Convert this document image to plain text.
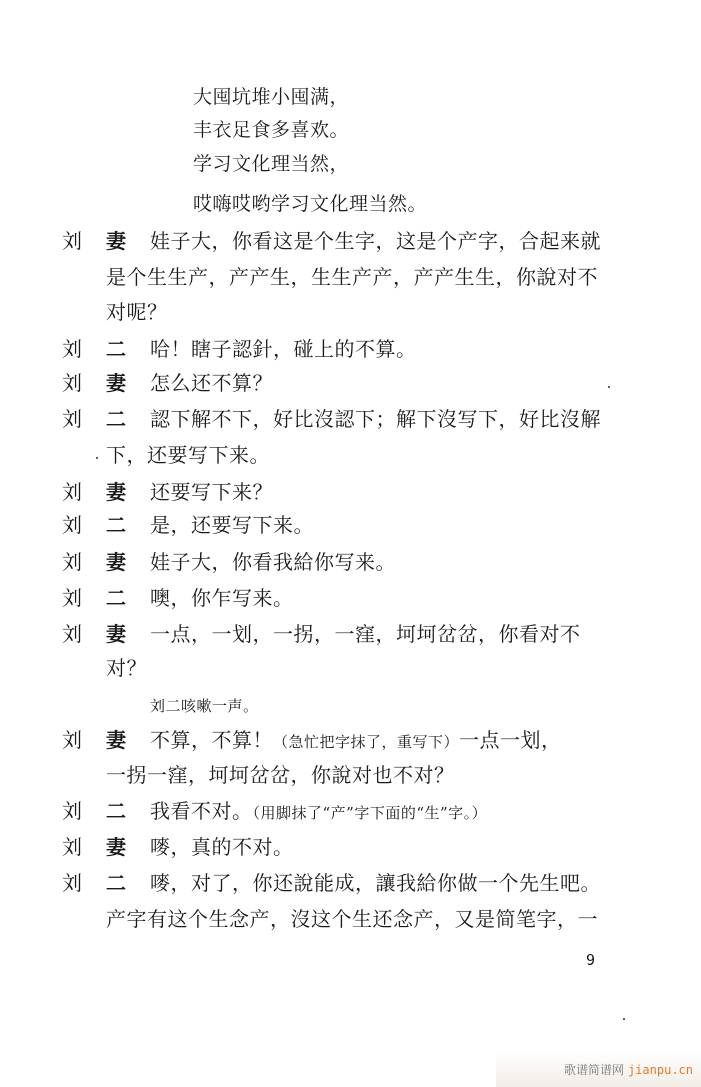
大囤坑堆小囤满，
丰衣足食多喜欢。
学习文化理当然，
哎嗨哎哟学习文化理当然。
刘 妻 娃子大，你看这是个生字，这是个产字，合起来就
是个生生产，产产生，生生产产，产产生生，你說对不
对呢？
刘 二 哈！瞎子認針，碰上的不算。
刘 妻 怎么还不算？
刘 二 認下解不下，好比沒認下；解下沒写下，好比沒解
下，还要写下来。
刘 妻 还要写下来？
刘 二 是，还要写下来。
刘 妻 娃子大，你看我給你写来。
刘 二 噢，你乍写来。
刘 妻 一点，一划，一拐，一窪，坷坷岔岔，你看对不
对？
刘二咳嗽一声。
刘 妻 不算，不算！（急忙把字抹了，重写下）一点一划，
一拐一窪，坷坷岔岔，你說对也不对？
刘 二 我看不对。（用脚抹了“产”字下面的“生”字。）
刘 妻 嘜，真的不对。
刘 二 嘜，对了，你还說能成，讓我給你做一个先生吧。
产字有这个生念产，沒这个生还念产，又是简笔字，一
9
歌谱简谱网 jianpu.cn
